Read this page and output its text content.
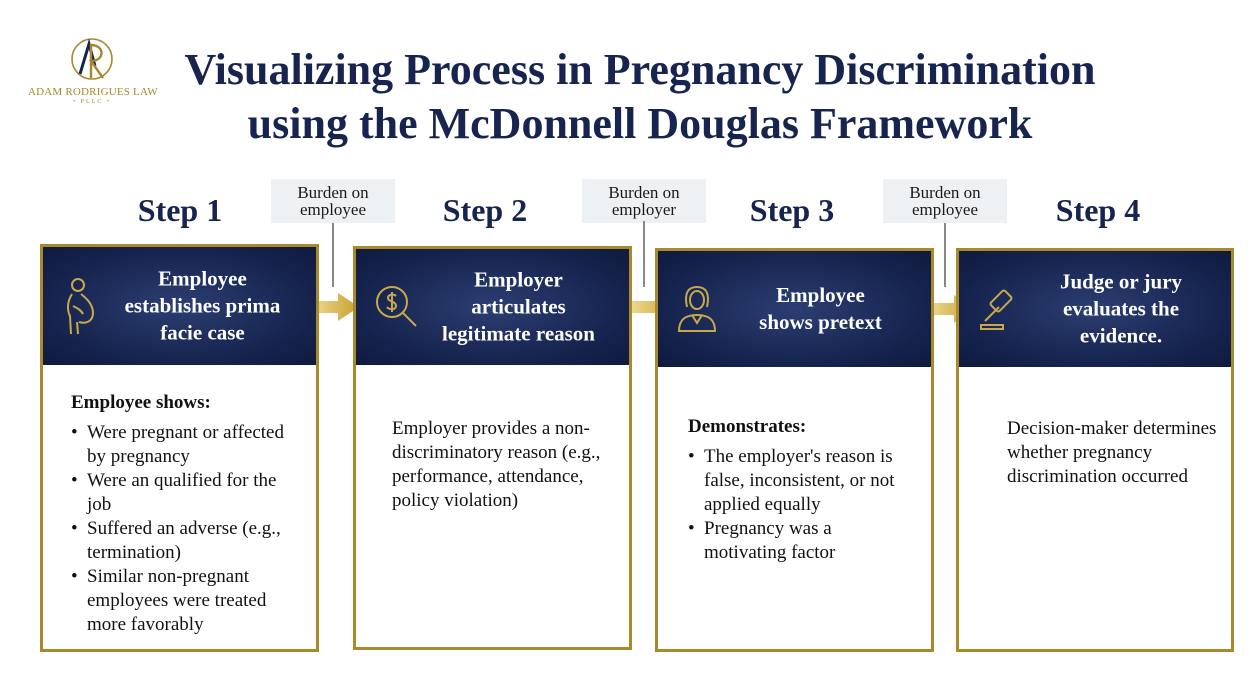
ADAM RODRIGUES LAW
• PLLC •
Visualizing Process in Pregnancy Discrimination
using the McDonnell Douglas Framework
Step 1	Step 2	Step 3	Step 4
Burden on
employee
Burden on
employer
Burden on
employee
Employee
establishes prima
facie case
Employee shows:
• Were pregnant or affected by pregnancy
• Were an qualified for the job
• Suffered an adverse (e.g., termination)
• Similar non-pregnant employees were treated more favorably
Employer
articulates
legitimate reason
Employer provides a non-discriminatory reason (e.g., performance, attendance, policy violation)
Employee
shows pretext
Demonstrates:
• The employer's reason is false, inconsistent, or not applied equally
• Pregnancy was a motivating factor
Judge or jury
evaluates the
evidence.
Decision-maker determines whether pregnancy discrimination occurred
